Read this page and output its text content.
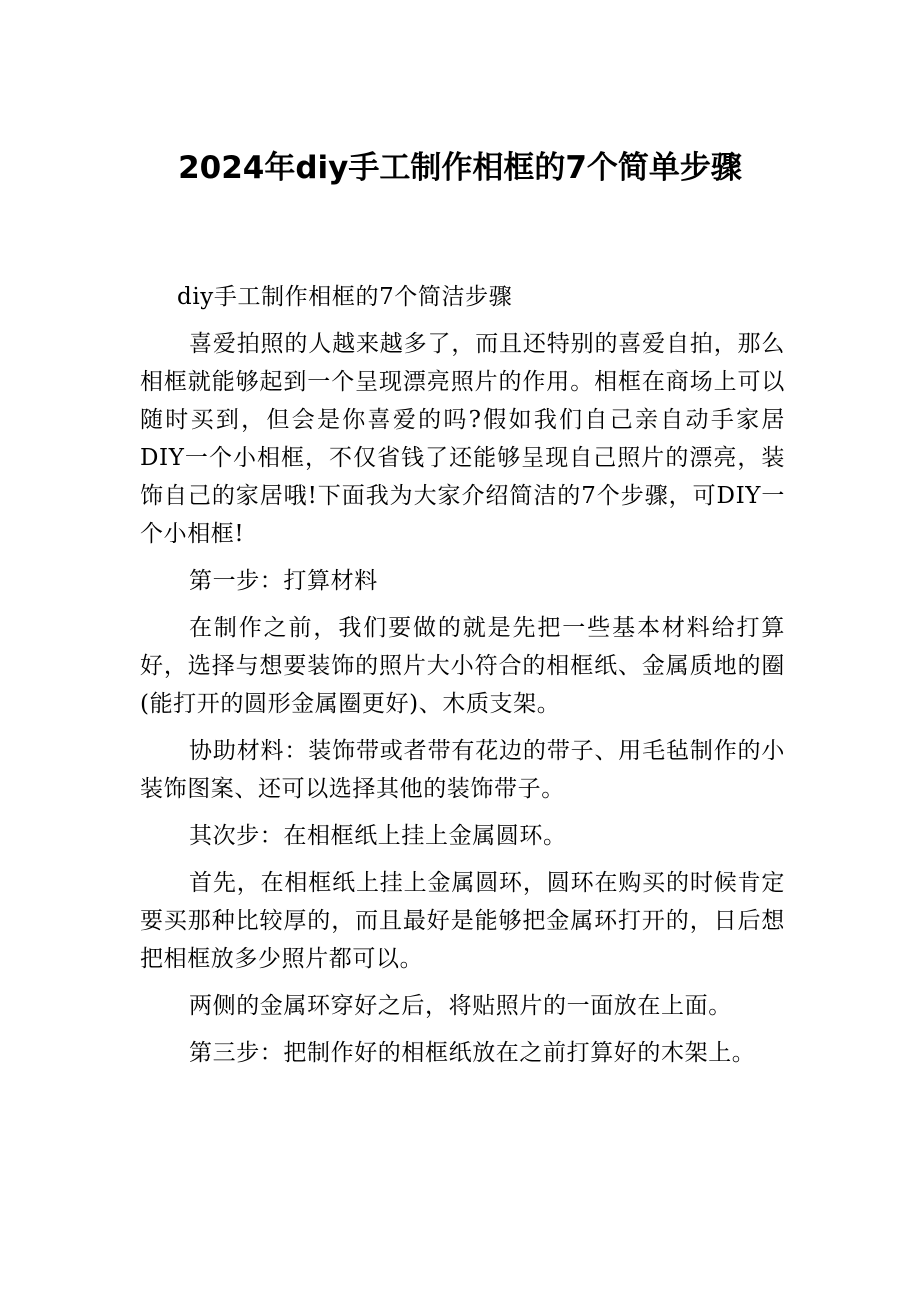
2024年diy手工制作相框的7个简单步骤

diy手工制作相框的7个简洁步骤

喜爱拍照的人越来越多了，而且还特别的喜爱自拍，那么相框就能够起到一个呈现漂亮照片的作用。相框在商场上可以随时买到，但会是你喜爱的吗?假如我们自己亲自动手家居DIY一个小相框，不仅省钱了还能够呈现自己照片的漂亮，装饰自己的家居哦!下面我为大家介绍简洁的7个步骤，可DIY一个小相框!

第一步：打算材料

在制作之前，我们要做的就是先把一些基本材料给打算好，选择与想要装饰的照片大小符合的相框纸、金属质地的圈(能打开的圆形金属圈更好)、木质支架。

协助材料：装饰带或者带有花边的带子、用毛毡制作的小装饰图案、还可以选择其他的装饰带子。

其次步：在相框纸上挂上金属圆环。

首先，在相框纸上挂上金属圆环，圆环在购买的时候肯定要买那种比较厚的，而且最好是能够把金属环打开的，日后想把相框放多少照片都可以。

两侧的金属环穿好之后，将贴照片的一面放在上面。

第三步：把制作好的相框纸放在之前打算好的木架上。
